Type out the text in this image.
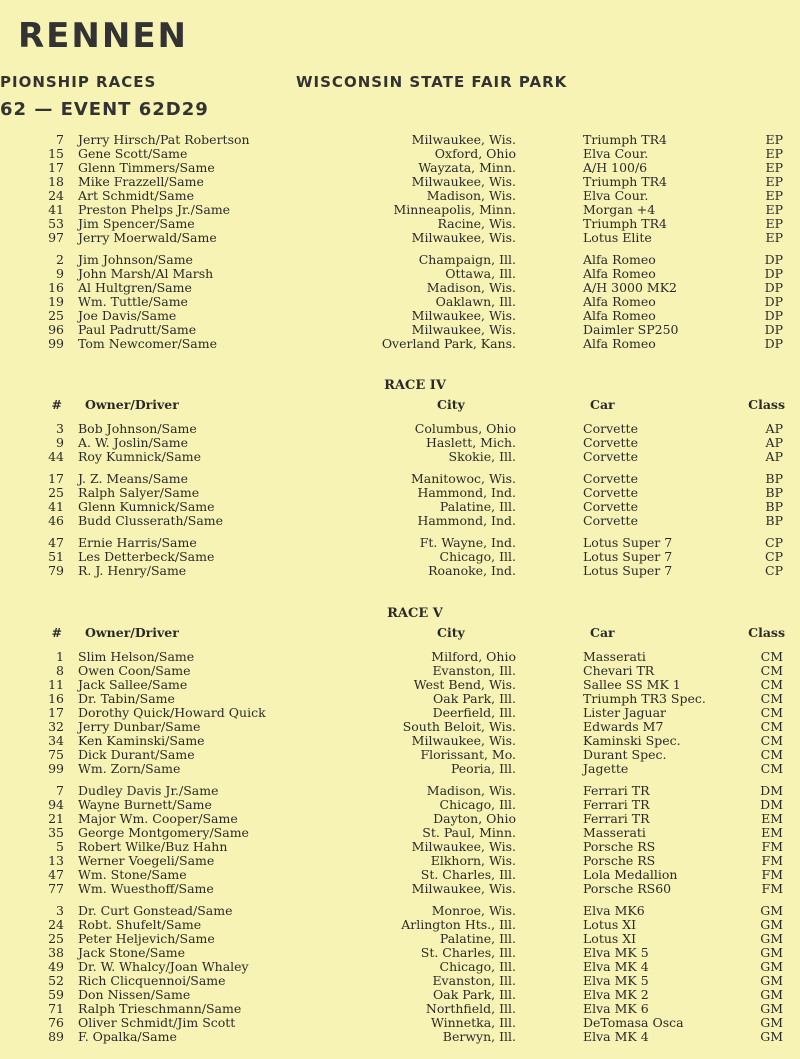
RENNEN
PIONSHIP RACES	WISCONSIN STATE FAIR PARK
62 — EVENT 62D29
7 Jerry Hirsch/Pat Robertson	Milwaukee, Wis.	Triumph TR4	EP
15 Gene Scott/Same	Oxford, Ohio	Elva Cour.	EP
17 Glenn Timmers/Same	Wayzata, Minn.	A/H 100/6	EP
18 Mike Frazzell/Same	Milwaukee, Wis.	Triumph TR4	EP
24 Art Schmidt/Same	Madison, Wis.	Elva Cour.	EP
41 Preston Phelps Jr./Same	Minneapolis, Minn.	Morgan +4	EP
53 Jim Spencer/Same	Racine, Wis.	Triumph TR4	EP
97 Jerry Moerwald/Same	Milwaukee, Wis.	Lotus Elite	EP
2 Jim Johnson/Same	Champaign, Ill.	Alfa Romeo	DP
9 John Marsh/Al Marsh	Ottawa, Ill.	Alfa Romeo	DP
16 Al Hultgren/Same	Madison, Wis.	A/H 3000 MK2	DP
19 Wm. Tuttle/Same	Oaklawn, Ill.	Alfa Romeo	DP
25 Joe Davis/Same	Milwaukee, Wis.	Alfa Romeo	DP
96 Paul Padrutt/Same	Milwaukee, Wis.	Daimler SP250	DP
99 Tom Newcomer/Same	Overland Park, Kans.	Alfa Romeo	DP
RACE IV
# Owner/Driver	City	Car	Class
3 Bob Johnson/Same	Columbus, Ohio	Corvette	AP
9 A. W. Joslin/Same	Haslett, Mich.	Corvette	AP
44 Roy Kumnick/Same	Skokie, Ill.	Corvette	AP
17 J. Z. Means/Same	Manitowoc, Wis.	Corvette	BP
25 Ralph Salyer/Same	Hammond, Ind.	Corvette	BP
41 Glenn Kumnick/Same	Palatine, Ill.	Corvette	BP
46 Budd Clusserath/Same	Hammond, Ind.	Corvette	BP
47 Ernie Harris/Same	Ft. Wayne, Ind.	Lotus Super 7	CP
51 Les Detterbeck/Same	Chicago, Ill.	Lotus Super 7	CP
79 R. J. Henry/Same	Roanoke, Ind.	Lotus Super 7	CP
RACE V
# Owner/Driver	City	Car	Class
1 Slim Helson/Same	Milford, Ohio	Masserati	CM
8 Owen Coon/Same	Evanston, Ill.	Chevari TR	CM
11 Jack Sallee/Same	West Bend, Wis.	Sallee SS MK 1	CM
16 Dr. Tabin/Same	Oak Park, Ill.	Triumph TR3 Spec.	CM
17 Dorothy Quick/Howard Quick	Deerfield, Ill.	Lister Jaguar	CM
32 Jerry Dunbar/Same	South Beloit, Wis.	Edwards M7	CM
34 Ken Kaminski/Same	Milwaukee, Wis.	Kaminski Spec.	CM
75 Dick Durant/Same	Florissant, Mo.	Durant Spec.	CM
99 Wm. Zorn/Same	Peoria, Ill.	Jagette	CM
7 Dudley Davis Jr./Same	Madison, Wis.	Ferrari TR	DM
94 Wayne Burnett/Same	Chicago, Ill.	Ferrari TR	DM
21 Major Wm. Cooper/Same	Dayton, Ohio	Ferrari TR	EM
35 George Montgomery/Same	St. Paul, Minn.	Masserati	EM
5 Robert Wilke/Buz Hahn	Milwaukee, Wis.	Porsche RS	FM
13 Werner Voegeli/Same	Elkhorn, Wis.	Porsche RS	FM
47 Wm. Stone/Same	St. Charles, Ill.	Lola Medallion	FM
77 Wm. Wuesthoff/Same	Milwaukee, Wis.	Porsche RS60	FM
3 Dr. Curt Gonstead/Same	Monroe, Wis.	Elva MK6	GM
24 Robt. Shufelt/Same	Arlington Hts., Ill.	Lotus XI	GM
25 Peter Heljevich/Same	Palatine, Ill.	Lotus XI	GM
38 Jack Stone/Same	St. Charles, Ill.	Elva MK 5	GM
49 Dr. W. Whalcy/Joan Whaley	Chicago, Ill.	Elva MK 4	GM
52 Rich Clicquennoi/Same	Evanston, Ill.	Elva MK 5	GM
59 Don Nissen/Same	Oak Park, Ill.	Elva MK 2	GM
71 Ralph Trieschmann/Same	Northfield, Ill.	Elva MK 6	GM
76 Oliver Schmidt/Jim Scott	Winnetka, Ill.	DeTomasa Osca	GM
89 F. Opalka/Same	Berwyn, Ill.	Elva MK 4	GM
